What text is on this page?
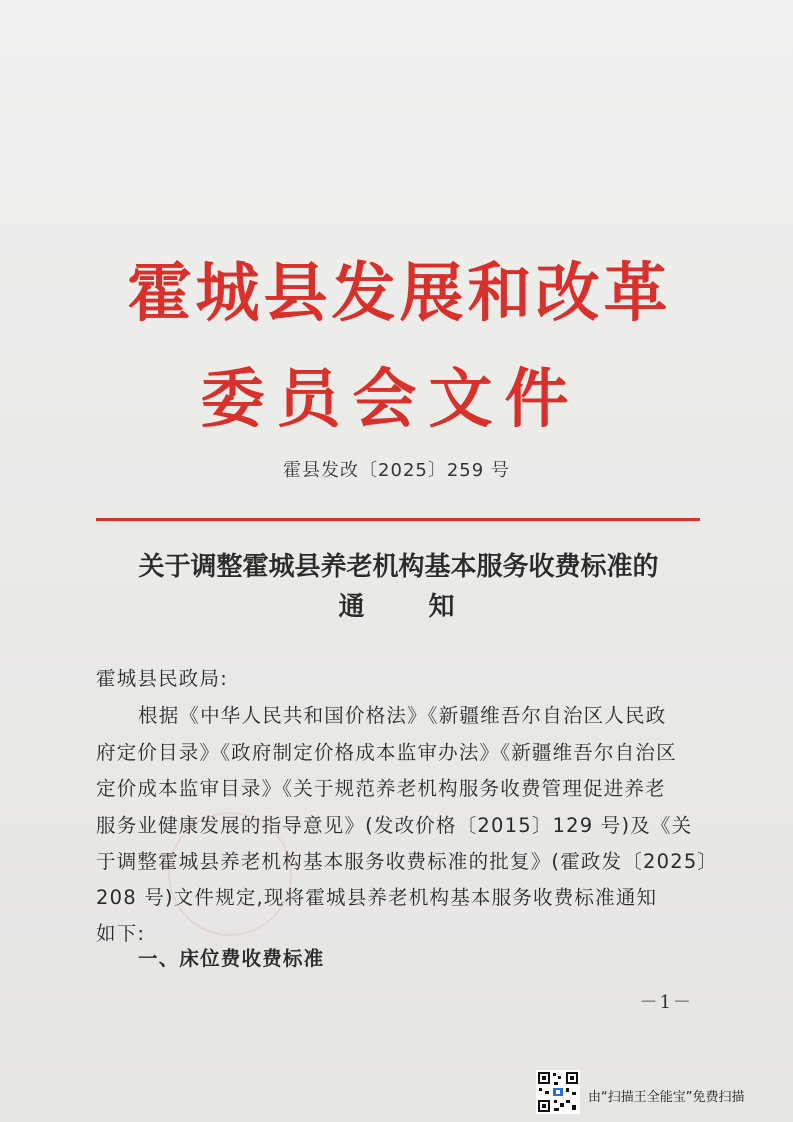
霍城县发展和改革
委员会文件
霍县发改〔2025〕259 号
关于调整霍城县养老机构基本服务收费标准的
通知
霍城县民政局:
根据《中华人民共和国价格法》《新疆维吾尔自治区人民政
府定价目录》《政府制定价格成本监审办法》《新疆维吾尔自治区
定价成本监审目录》《关于规范养老机构服务收费管理促进养老
服务业健康发展的指导意见》(发改价格〔2015〕129 号)及《关
于调整霍城县养老机构基本服务收费标准的批复》(霍政发〔2025〕
208 号)文件规定,现将霍城县养老机构基本服务收费标准通知
如下:
一、床位费收费标准
－1－
由“扫描王全能宝”免费扫描
